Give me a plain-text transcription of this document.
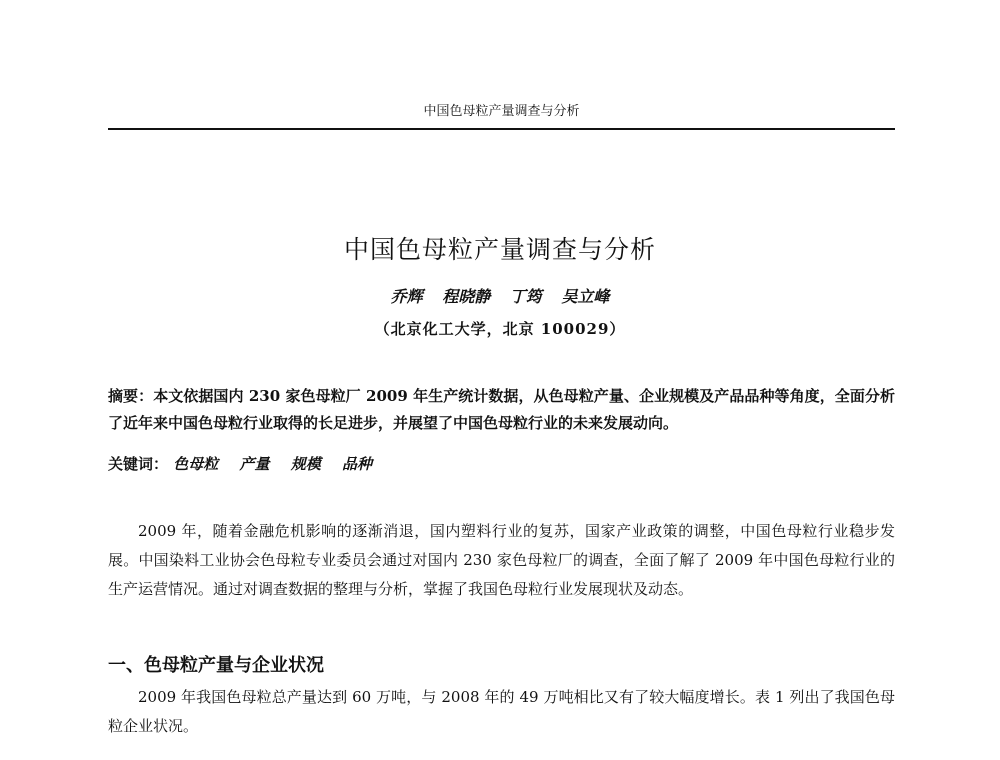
中国色母粒产量调查与分析
中国色母粒产量调查与分析
乔辉 程晓静 丁筠 吴立峰
（北京化工大学，北京 100029）
摘要：本文依据国内 230 家色母粒厂 2009 年生产统计数据，从色母粒产量、企业规模及产品品种等角度，全面分析了近年来中国色母粒行业取得的长足进步，并展望了中国色母粒行业的未来发展动向。
关键词： 色母粒 产量 规模 品种
2009 年，随着金融危机影响的逐渐消退，国内塑料行业的复苏，国家产业政策的调整，中国色母粒行业稳步发展。中国染料工业协会色母粒专业委员会通过对国内 230 家色母粒厂的调查，全面了解了 2009 年中国色母粒行业的生产运营情况。通过对调查数据的整理与分析，掌握了我国色母粒行业发展现状及动态。
一、色母粒产量与企业状况
2009 年我国色母粒总产量达到 60 万吨，与 2008 年的 49 万吨相比又有了较大幅度增长。表 1 列出了我国色母粒企业状况。
